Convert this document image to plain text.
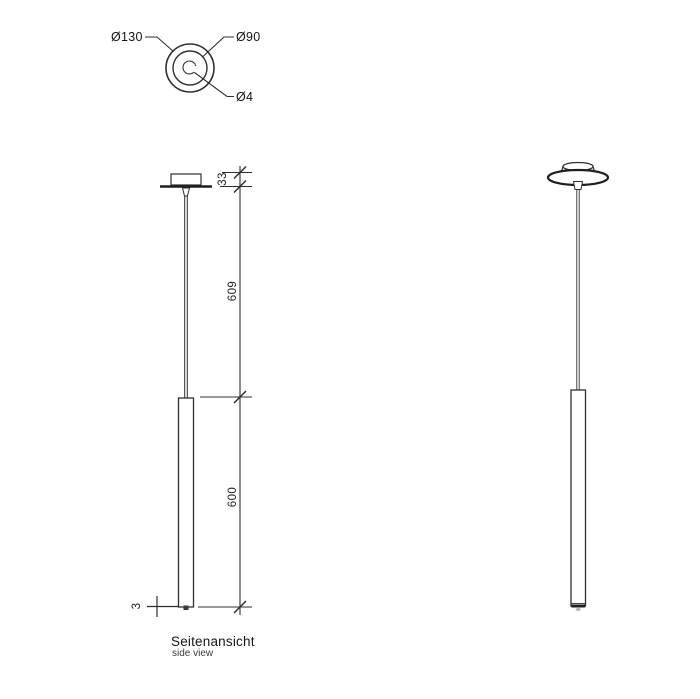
Ø130	Ø90
Ø4
33
609
600
3
Seitenansicht
side view
